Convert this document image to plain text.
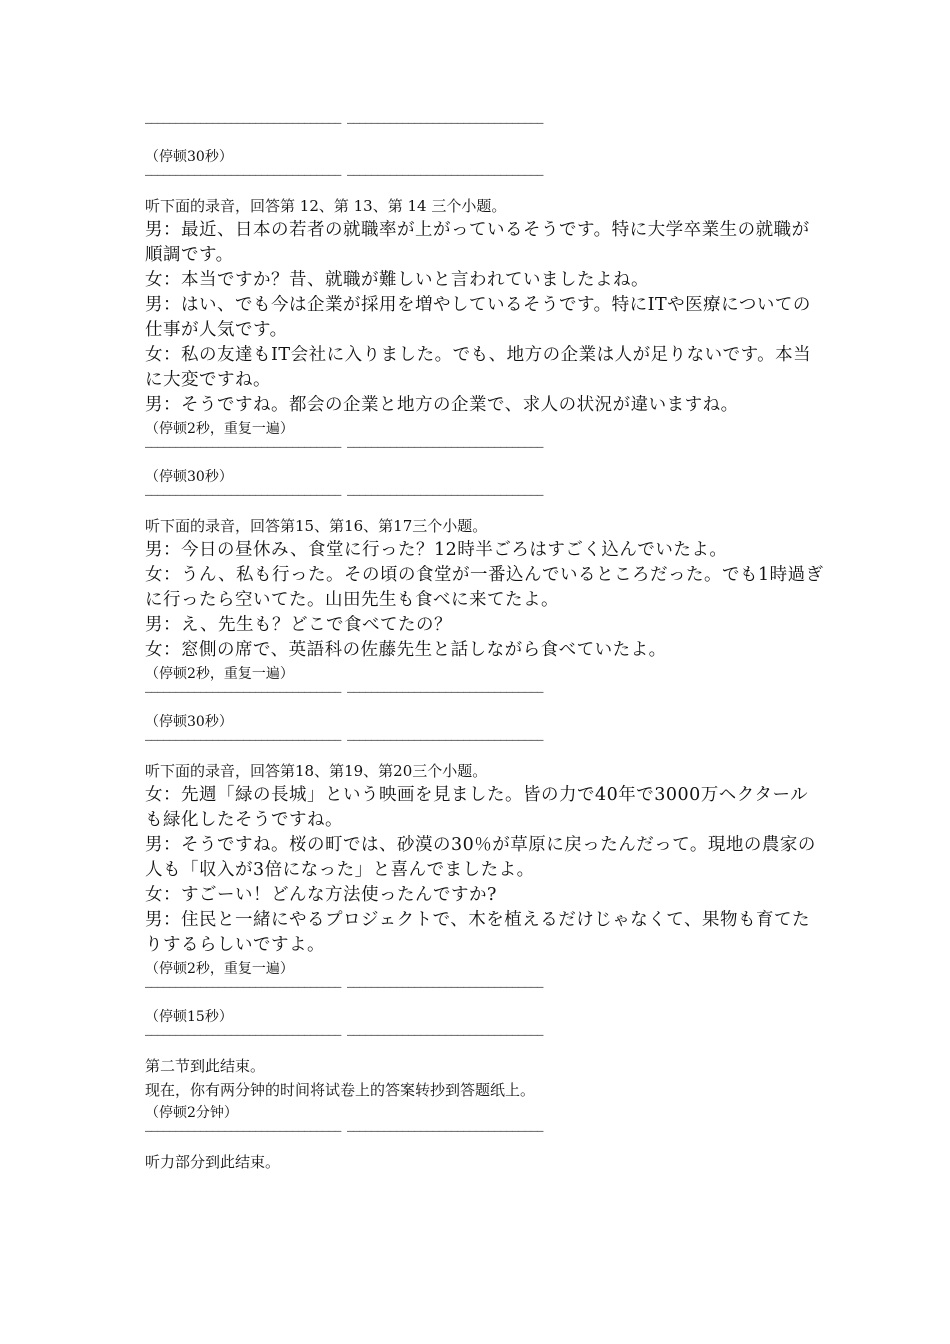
———————————————————————————————— ————————————————————————————————
（停顿30秒）
———————————————————————————————— ————————————————————————————————
听下面的录音，回答第 12、第 13、第 14 三个小题。
男：最近、日本の若者の就職率が上がっているそうです。特に大学卒業生の就職が順調です。
女：本当ですか？昔、就職が難しいと言われていましたよね。
男：はい、でも今は企業が採用を増やしているそうです。特にITや医療についての仕事が人気です。
女：私の友達もIT会社に入りました。でも、地方の企業は人が足りないです。本当に大変ですね。
男：そうですね。都会の企業と地方の企業で、求人の状況が違いますね。
（停顿2秒，重复一遍）
———————————————————————————————— ————————————————————————————————
（停顿30秒）
———————————————————————————————— ————————————————————————————————
听下面的录音，回答第15、第16、第17三个小题。
男：今日の昼休み、食堂に行った？12時半ごろはすごく込んでいたよ。
女：うん、私も行った。その頃の食堂が一番込んでいるところだった。でも1時過ぎに行ったら空いてた。山田先生も食べに来てたよ。
男：え、先生も？どこで食べてたの？
女：窓側の席で、英語科の佐藤先生と話しながら食べていたよ。
（停顿2秒，重复一遍）
———————————————————————————————— ————————————————————————————————
（停顿30秒）
———————————————————————————————— ————————————————————————————————
听下面的录音，回答第18、第19、第20三个小题。
女：先週「緑の長城」という映画を見ました。皆の力で40年で3000万ヘクタールも緑化したそうですね。
男：そうですね。桜の町では、砂漠の30％が草原に戻ったんだって。現地の農家の人も「収入が3倍になった」と喜んでましたよ。
女：すごーい！どんな方法使ったんですか?
男：住民と一緒にやるプロジェクトで、木を植えるだけじゃなくて、果物も育てたりするらしいですよ。
（停顿2秒，重复一遍）
———————————————————————————————— ————————————————————————————————
（停顿15秒）
———————————————————————————————— ————————————————————————————————
第二节到此结束。
现在，你有两分钟的时间将试卷上的答案转抄到答题纸上。
（停顿2分钟）
———————————————————————————————— ————————————————————————————————
听力部分到此结束。
